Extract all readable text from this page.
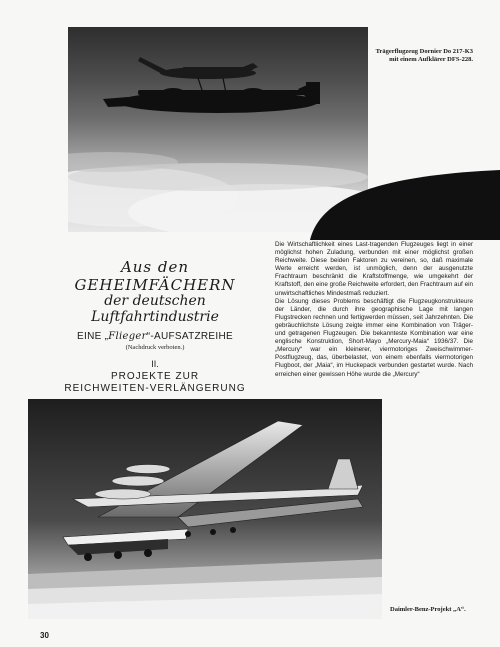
Trägerflugzeug Dornier Do 217-K3
mit einem Aufklärer DFS-228.
Aus den GEHEIMFÄCHERN
der deutschen Luftfahrtindustrie
EINE „Flieger“-AUFSATZREIHE
(Nachdruck verboten.)
II.
PROJEKTE ZUR
REICHWEITEN-VERLÄNGERUNG

Die Wirtschaftlichkeit eines Last-tragenden Flugzeuges liegt in einer möglichst hohen Zuladung, verbunden mit einer möglichst großen Reichweite. Diese beiden Faktoren zu vereinen, so, daß maximale Werte erreicht werden, ist unmöglich, denn der ausgenutzte Frachtraum beschränkt die Kraftstoffmenge, wie umgekehrt der Kraftstoff, den eine große Reichweite erfordert, den Frachtraum auf ein unwirtschaftliches Mindestmaß reduziert.

Die Lösung dieses Problems beschäftigt die Flugzeugkonstrukteure der Länder, die durch ihre geographische Lage mit langen Flugstrecken rechnen und fertigwerden müssen, seit Jahrzehnten. Die gebräuchlichste Lösung zeigte immer eine Kombination von Träger- und getragenen Flugzeugen. Die bekannteste Kombination war eine englische Konstruktion, Short-Mayo „Mercury-Maia“ 1936/37. Die „Mercury“ war ein kleinerer, viermotoriges Zweischwimmer-Postflugzeug, das, überbelastet, von einem ebenfalls viermotorigen Flugboot, der „Maia“, im Huckepack verbunden gestartet wurde. Nach erreichen einer gewissen Höhe wurde die „Mercury“

·· ·
Daimler-Benz-Projekt „A“.
30
